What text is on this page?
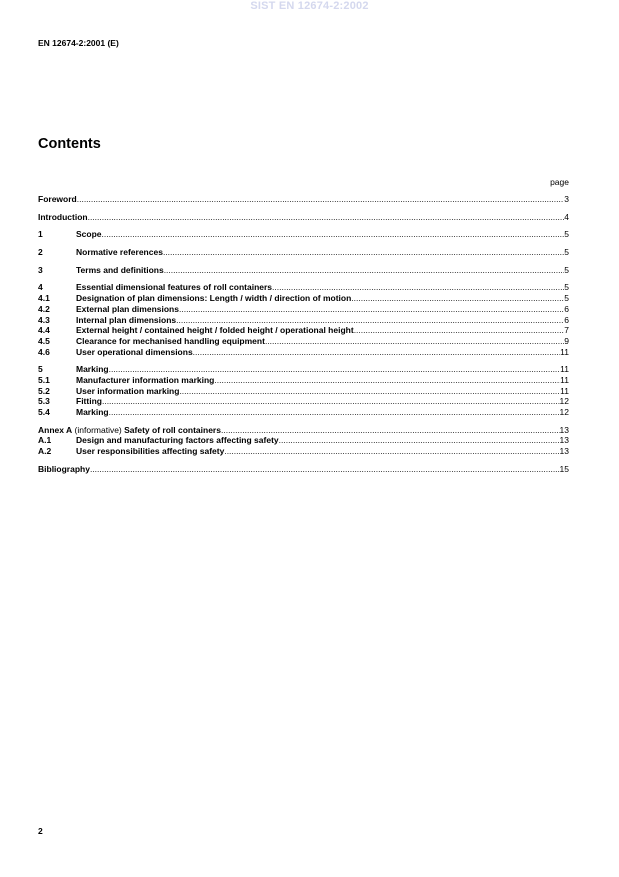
SIST EN 12674-2:2002
EN 12674-2:2001 (E)
Contents
page
Foreword .....	3
Introduction .....	4
1	Scope .....	5
2	Normative references .....	5
3	Terms and definitions .....	5
4	Essential dimensional features of roll containers .....	5
4.1	Designation of plan dimensions: Length / width / direction of motion .....	5
4.2	External plan dimensions .....	6
4.3	Internal plan dimensions .....	6
4.4	External height / contained height / folded height / operational height .....	7
4.5	Clearance for mechanised handling equipment .....	9
4.6	User operational dimensions .....	11
5	Marking .....	11
5.1	Manufacturer information marking .....	11
5.2	User information marking .....	11
5.3	Fitting .....	12
5.4	Marking .....	12
Annex A (informative) Safety of roll containers .....	13
A.1	Design and manufacturing factors affecting safety .....	13
A.2	User responsibilities affecting safety .....	13
Bibliography .....	15
2
